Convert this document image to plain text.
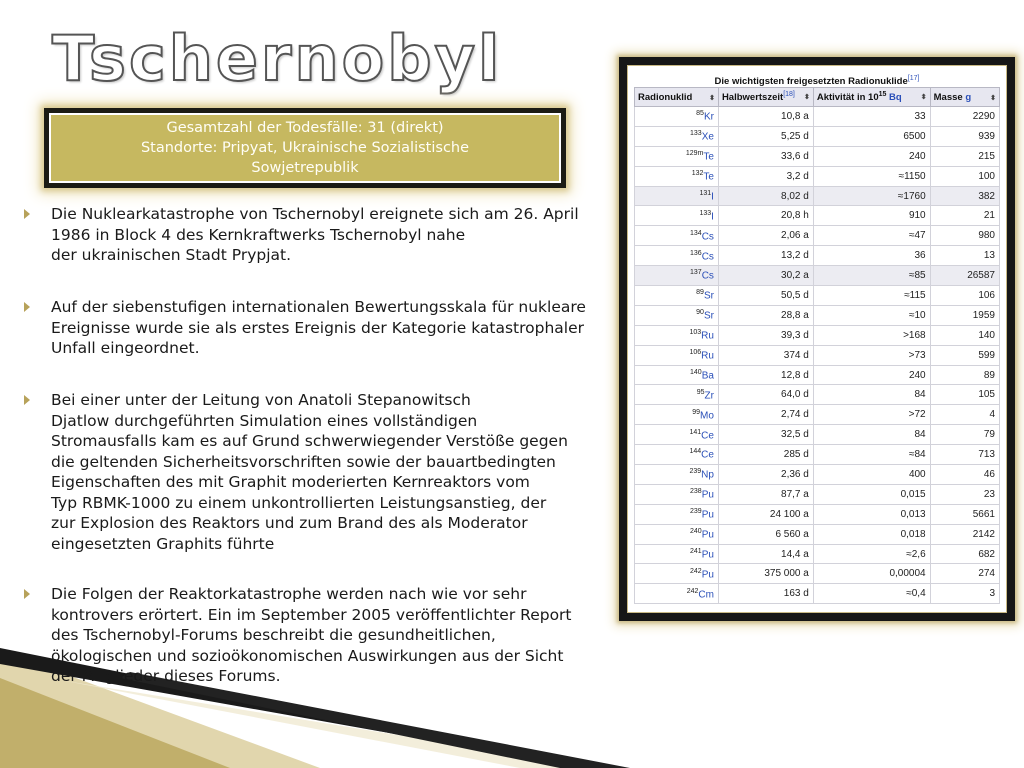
Tschernobyl
Gesamtzahl der Todesfälle: 31 (direkt)
Standorte: Pripyat, Ukrainische Sozialistische
Sowjetrepublik
Die Nuklearkatastrophe von Tschernobyl ereignete sich am 26. April
1986 in Block 4 des Kernkraftwerks Tschernobyl nahe
der ukrainischen Stadt Prypjat.
Auf der siebenstufigen internationalen Bewertungsskala für nukleare
Ereignisse wurde sie als erstes Ereignis der Kategorie katastrophaler
Unfall eingeordnet.
Bei einer unter der Leitung von Anatoli Stepanowitsch
Djatlow durchgeführten Simulation eines vollständigen
Stromausfalls kam es auf Grund schwerwiegender Verstöße gegen
die geltenden Sicherheitsvorschriften sowie der bauartbedingten
Eigenschaften des mit Graphit moderierten Kernreaktors vom
Typ RBMK-1000 zu einem unkontrollierten Leistungsanstieg, der
zur Explosion des Reaktors und zum Brand des als Moderator
eingesetzten Graphits führte
Die Folgen der Reaktorkatastrophe werden nach wie vor sehr
kontrovers erörtert. Ein im September 2005 veröffentlichter Report
des Tschernobyl-Forums beschreibt die gesundheitlichen,
ökologischen und sozioökonomischen Auswirkungen aus der Sicht
der Mitglieder dieses Forums.
Die wichtigsten freigesetzten Radionuklide[17]
Radionuklid ⬍	Halbwertszeit[18] ⬍	Aktivität in $10^{15}$ Bq ⬍	Masse g ⬍

$^{85}$Kr	10,8 a	33	2290
$^{133}$Xe	5,25 d	6500	939
$^{129m}$Te	33,6 d	240	215
$^{132}$Te	3,2 d	≈1150	100
$^{131}$I	8,02 d	≈1760	382
$^{133}$I	20,8 h	910	21
$^{134}$Cs	2,06 a	≈47	980
$^{136}$Cs	13,2 d	36	13
$^{137}$Cs	30,2 a	≈85	26587
$^{89}$Sr	50,5 d	≈115	106
$^{90}$Sr	28,8 a	≈10	1959
$^{103}$Ru	39,3 d	>168	140
$^{106}$Ru	374 d	>73	599
$^{140}$Ba	12,8 d	240	89
$^{95}$Zr	64,0 d	84	105
$^{99}$Mo	2,74 d	>72	4
$^{141}$Ce	32,5 d	84	79
$^{144}$Ce	285 d	≈84	713
$^{239}$Np	2,36 d	400	46
$^{238}$Pu	87,7 a	0,015	23
$^{239}$Pu	24 100 a	0,013	5661
$^{240}$Pu	6 560 a	0,018	2142
$^{241}$Pu	14,4 a	≈2,6	682
$^{242}$Pu	375 000 a	0,00004	274
$^{242}$Cm	163 d	≈0,4	3
